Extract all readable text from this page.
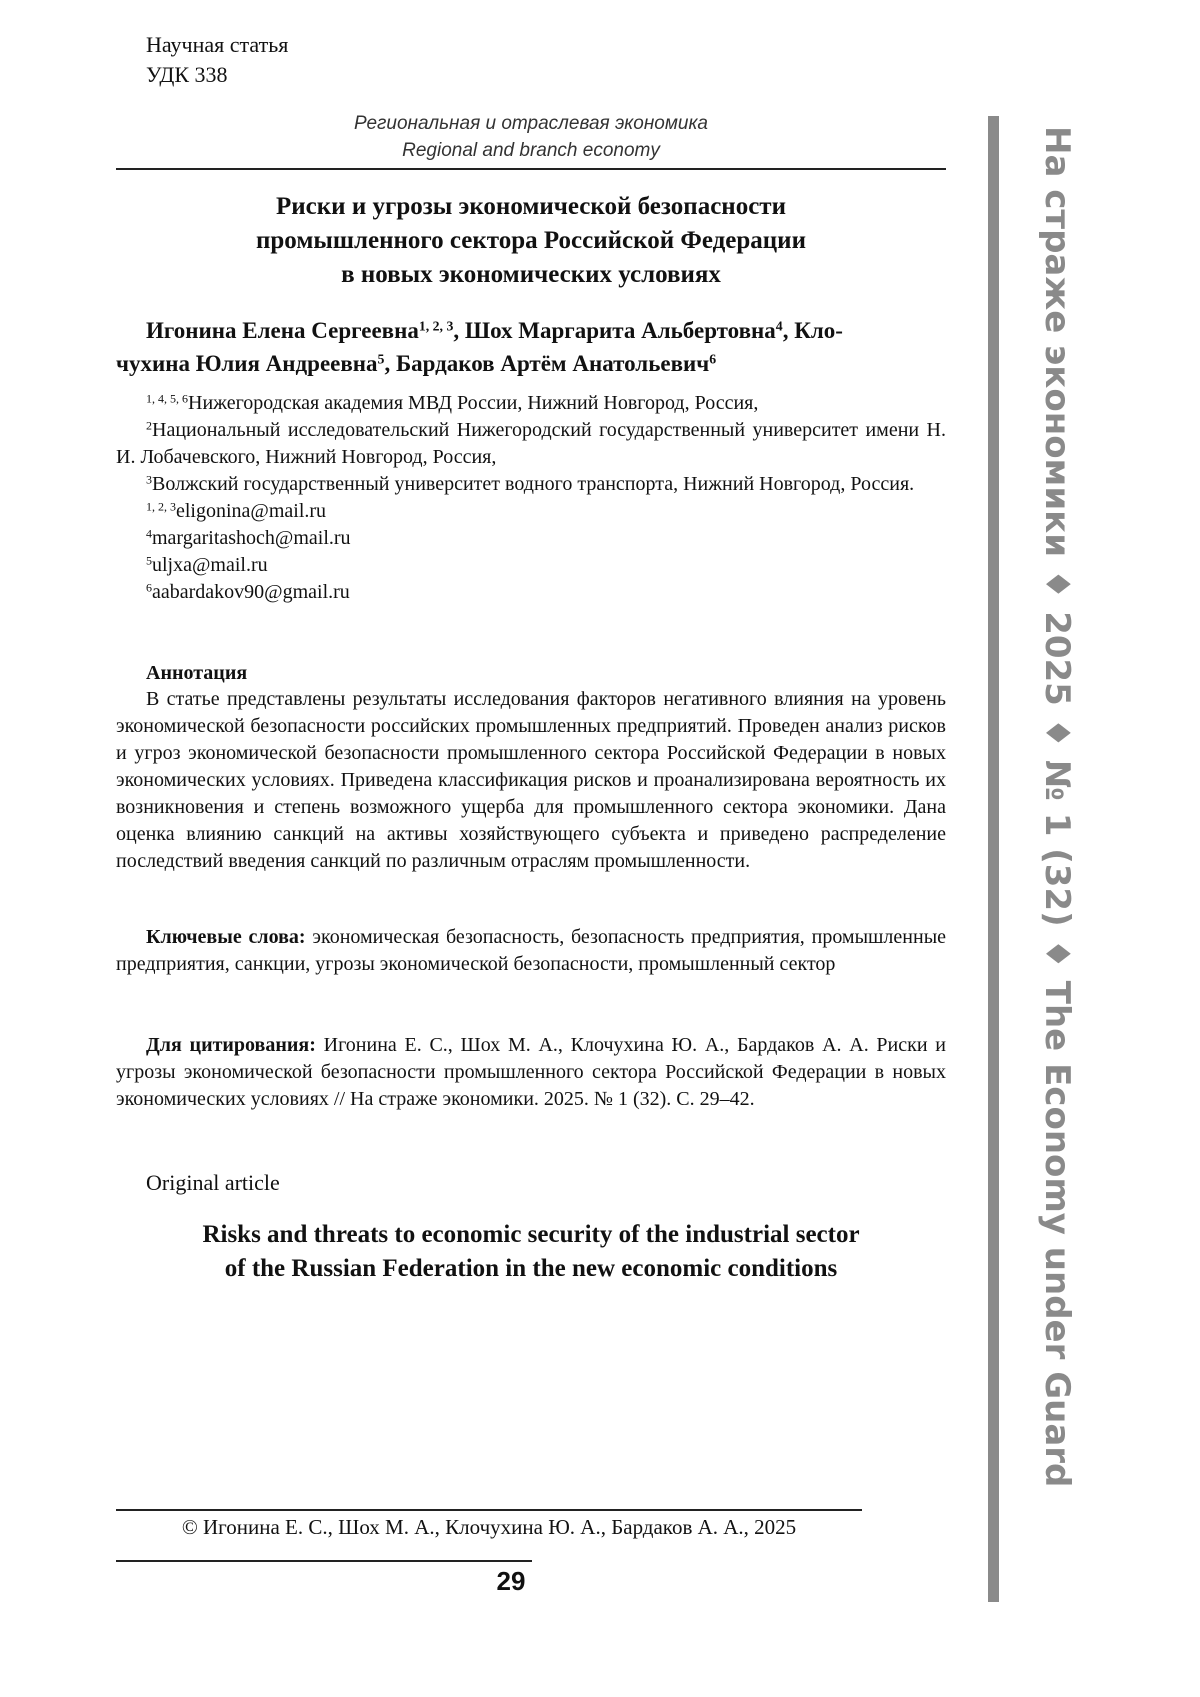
Научная статья
УДК 338
Региональная и отраслевая экономика
Regional and branch economy
Риски и угрозы экономической безопасности
промышленного сектора Российской Федерации
в новых экономических условиях
Игонина Елена Сергеевна$^{1, 2, 3}$, Шох Маргарита Альбертовна$^4$, Кло-
чухина Юлия Андреевна$^5$, Бардаков Артём Анатольевич$^6$
$^{1, 4, 5, 6}$Нижегородская академия МВД России, Нижний Новгород, Россия,
$^2$Национальный исследовательский Нижегородский государственный университет имени Н. И. Лобачевского, Нижний Новгород, Россия,
$^3$Волжский государственный университет водного транспорта, Нижний Новгород, Россия.
$^{1, 2, 3}$eligonina@mail.ru
$^4$margaritashoch@mail.ru
$^5$uljxa@mail.ru
$^6$aabardakov90@gmail.ru
Аннотация

В статье представлены результаты исследования факторов негативного влияния на уровень экономической безопасности российских промышленных предприятий. Проведен анализ рисков и угроз экономической безопасности промышленного сектора Российской Федерации в новых экономических условиях. Приведена классификация рисков и проанализирована вероятность их возникновения и степень возможного ущерба для промышленного сектора экономики. Дана оценка влиянию санкций на активы хозяйствующего субъекта и приведено распределение последствий введения санкций по различным отраслям промышленности.

Ключевые слова: экономическая безопасность, безопасность предприятия, промышленные предприятия, санкции, угрозы экономической безопасности, промышленный сектор

Для цитирования: Игонина Е. С., Шох М. А., Клочухина Ю. А., Бардаков А. А. Риски и угрозы экономической безопасности промышленного сектора Российской Федерации в новых экономических условиях // На страже экономики. 2025. № 1 (32). С. 29–42.

Original article
Risks and threats to economic security of the industrial sector
of the Russian Federation in the new economic conditions
© Игонина Е. С., Шох М. А., Клочухина Ю. А., Бардаков А. А., 2025
29
На страже экономики ♦ 2025 ♦ № 1 (32) ♦ The Economy under Guard
